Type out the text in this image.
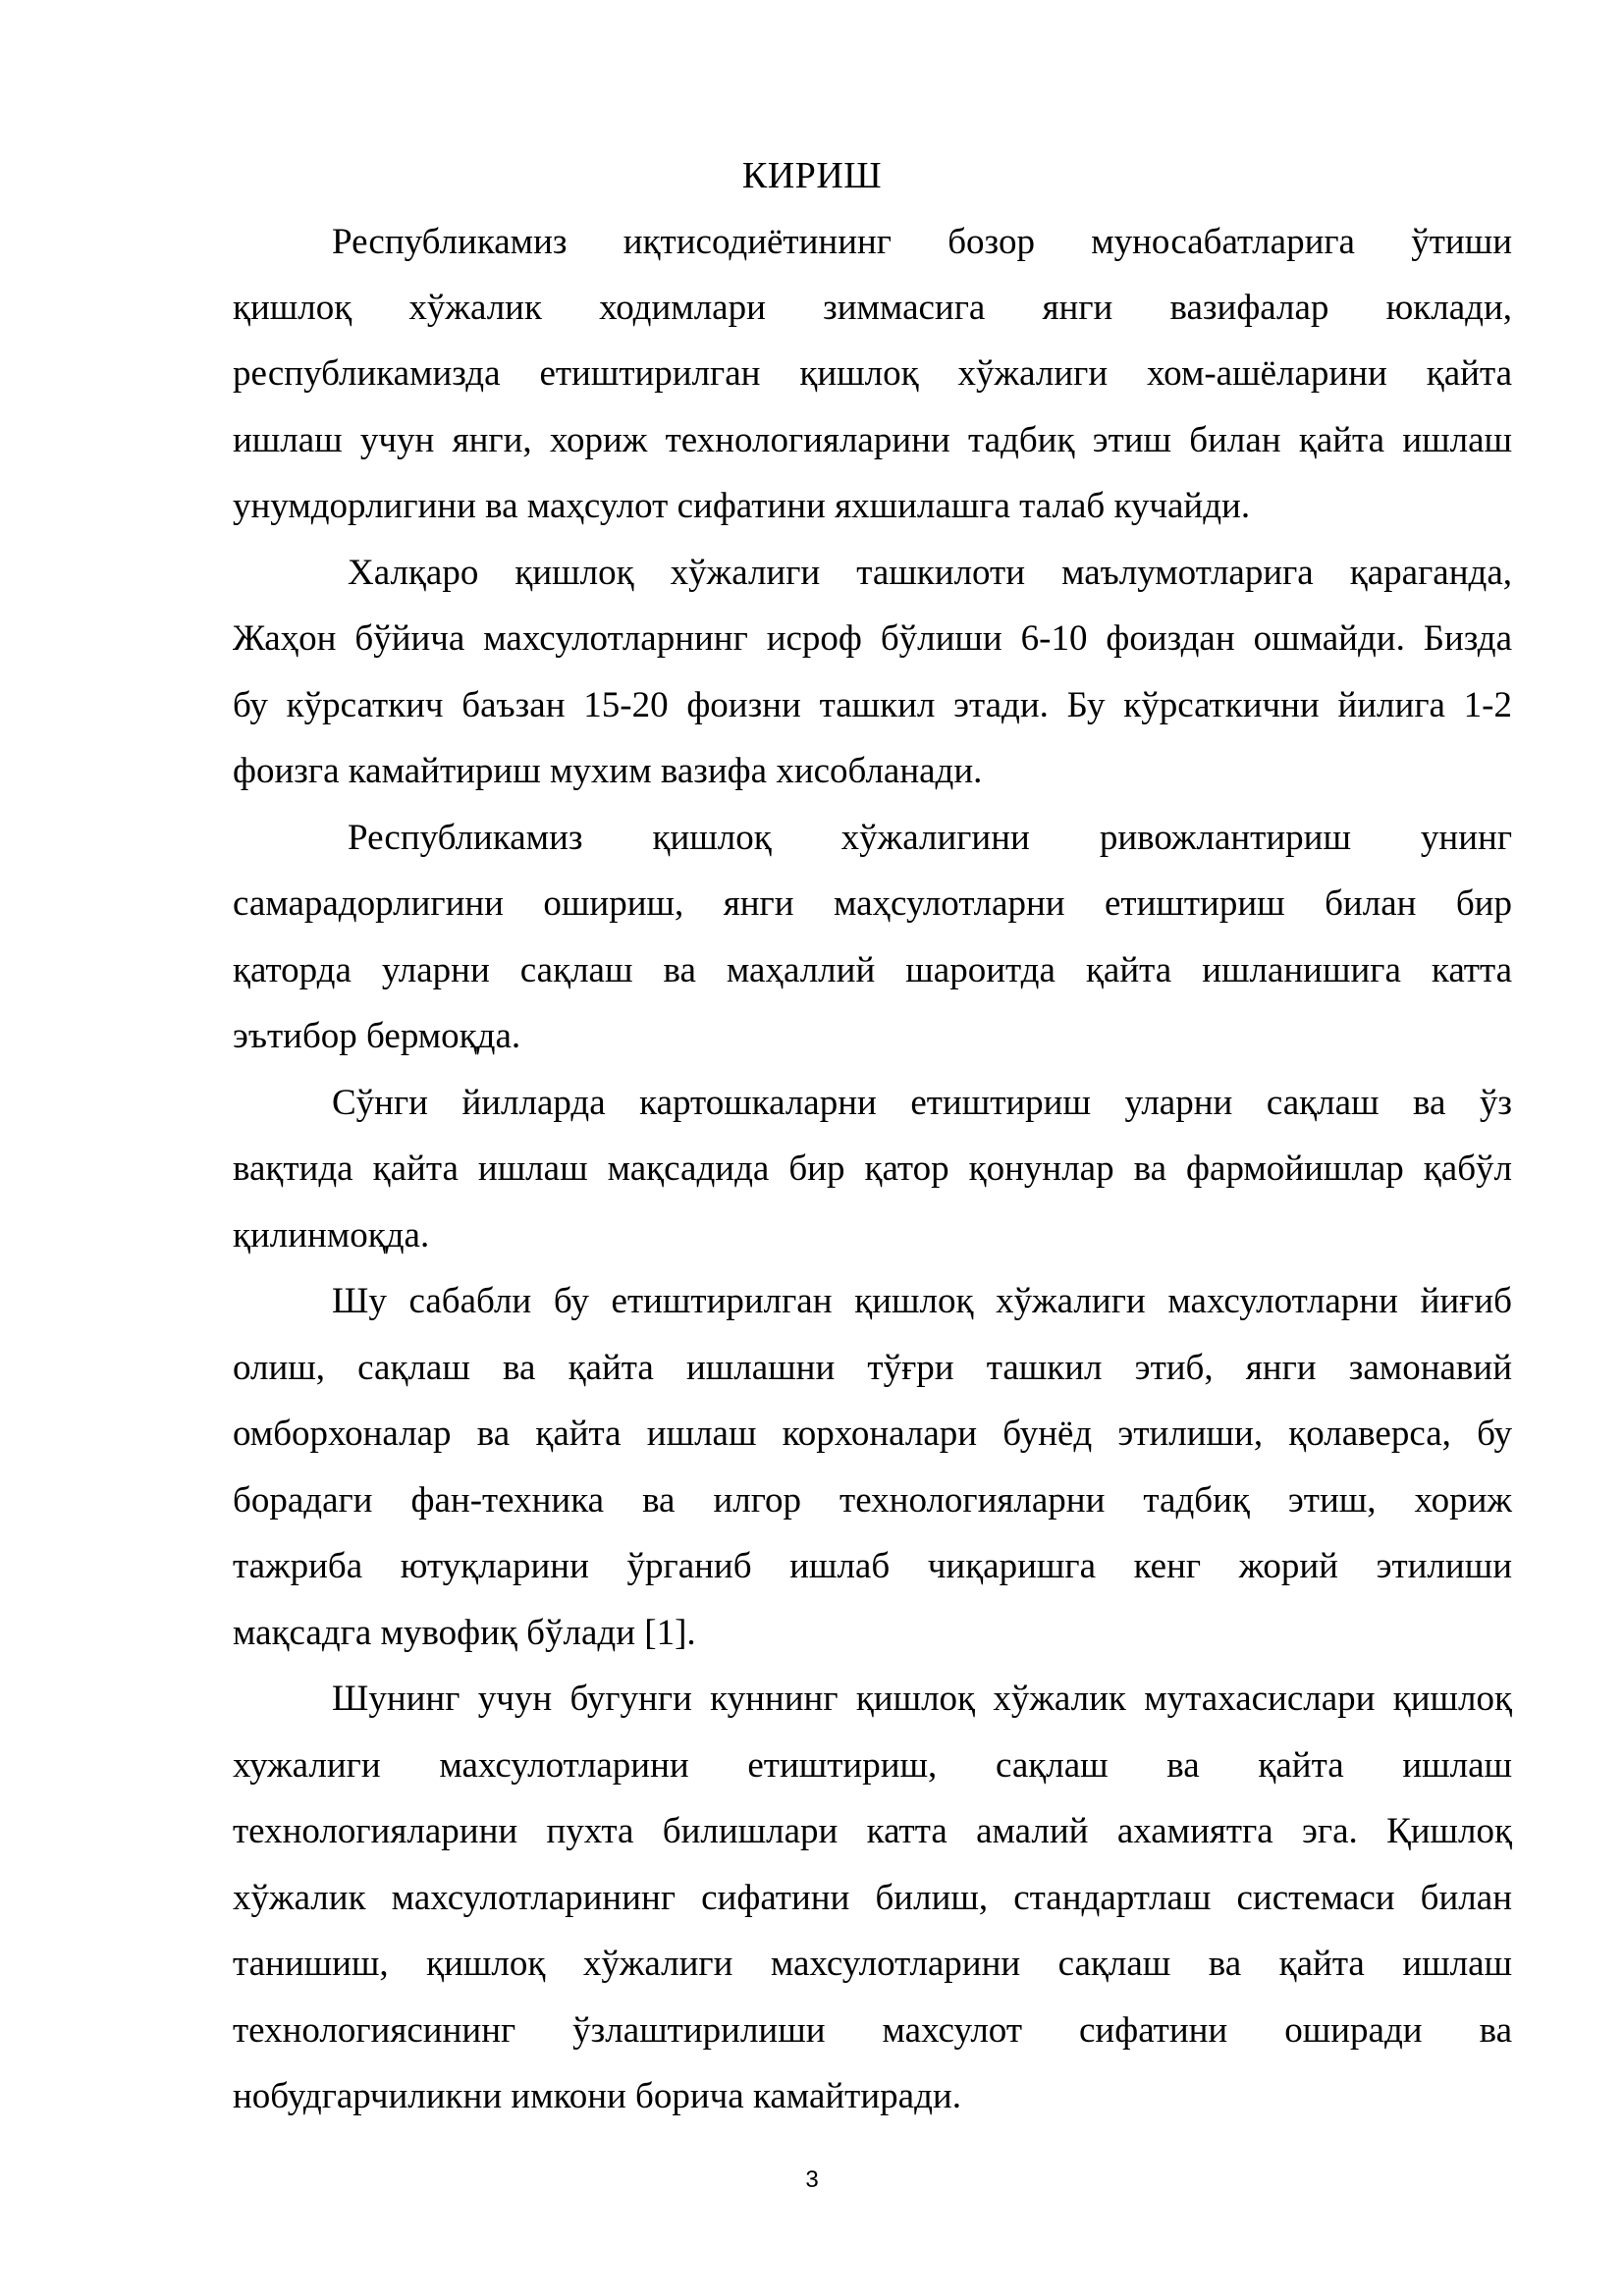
КИРИШ
Республикамиз иқтисодиётининг бозор муносабатларига ўтиши
қишлоқ хўжалик ходимлари зиммасига янги вазифалар юклади,
республикамизда етиштирилган қишлоқ хўжалиги хом-ашёларини қайта
ишлаш учун янги, хориж технологияларини тадбиқ этиш билан қайта ишлаш
унумдорлигини ва маҳсулот сифатини яхшилашга талаб кучайди.
Халқаро қишлоқ хўжалиги ташкилоти маълумотларига қараганда,
Жаҳон бўйича махсулотларнинг исроф бўлиши 6-10 фоиздан ошмайди. Бизда
бу кўрсаткич баъзан 15-20 фоизни ташкил этади. Бу кўрсаткични йилига 1-2
фоизга камайтириш мухим вазифа хисобланади.
Республикамиз қишлоқ хўжалигини ривожлантириш унинг
самарадорлигини ошириш, янги маҳсулотларни етиштириш билан бир
қаторда уларни сақлаш ва маҳаллий шароитда қайта ишланишига катта
эътибор бермоқда.
Сўнги йилларда картошкаларни етиштириш уларни сақлаш ва ўз
вақтида қайта ишлаш мақсадида бир қатор қонунлар ва фармойишлар қабўл
қилинмоқда.
Шу сабабли бу етиштирилган қишлоқ хўжалиги махсулотларни йиғиб
олиш, сақлаш ва қайта ишлашни тўғри ташкил этиб, янги замонавий
омборхоналар ва қайта ишлаш корхоналари бунёд этилиши, қолаверса, бу
борадаги фан-техника ва илгор технологияларни тадбиқ этиш, хориж
тажриба ютуқларини ўрганиб ишлаб чиқаришга кенг жорий этилиши
мақсадга мувофиқ бўлади [1].
Шунинг учун бугунги куннинг қишлоқ хўжалик мутахасислари қишлоқ
хужалиги махсулотларини етиштириш, сақлаш ва қайта ишлаш
технологияларини пухта билишлари катта амалий ахамиятга эга. Қишлоқ
хўжалик махсулотларининг сифатини билиш, стандартлаш системаси билан
танишиш, қишлоқ хўжалиги махсулотларини сақлаш ва қайта ишлаш
технологиясининг ўзлаштирилиши махсулот сифатини оширади ва
нобудгарчиликни имкони борича камайтиради.
3
